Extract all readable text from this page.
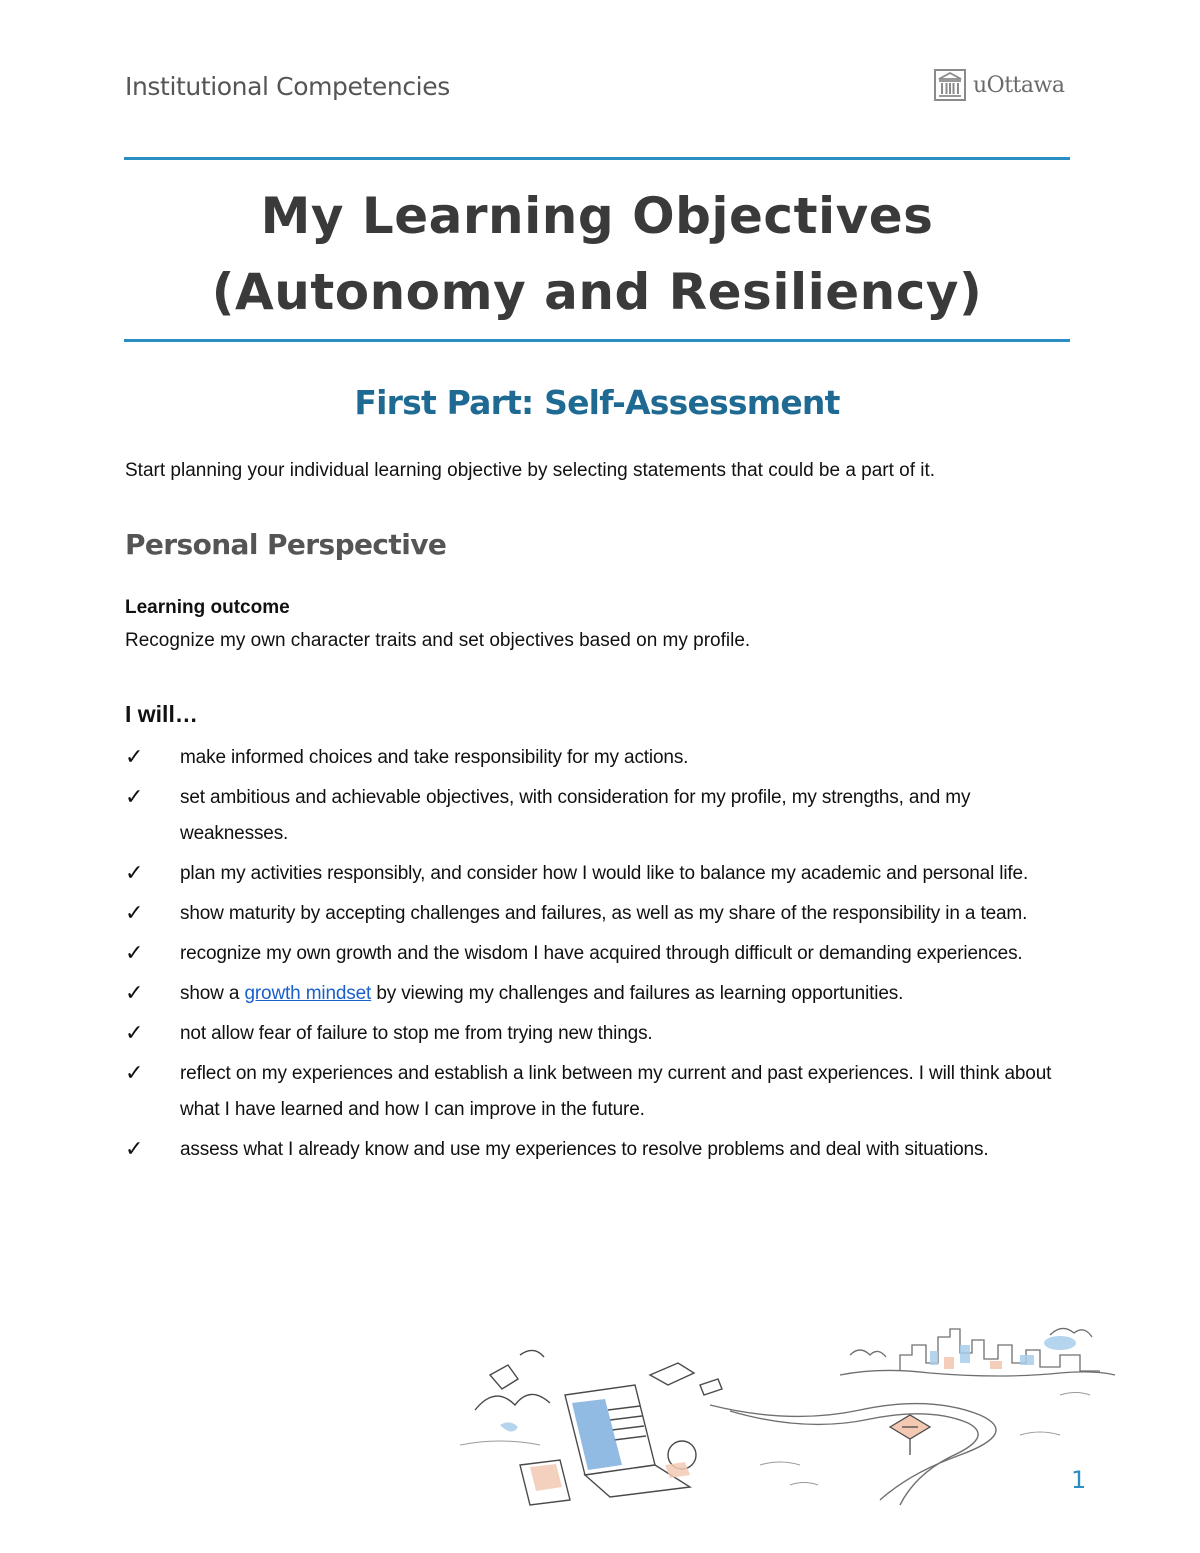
Institutional Competencies	uOttawa
My Learning Objectives
(Autonomy and Resiliency)
First Part: Self-Assessment

Start planning your individual learning objective by selecting statements that could be a part of it.

Personal Perspective

Learning outcome

Recognize my own character traits and set objectives based on my profile.

I will…
✓ make informed choices and take responsibility for my actions.
✓ set ambitious and achievable objectives, with consideration for my profile, my strengths, and my weaknesses.
✓ plan my activities responsibly, and consider how I would like to balance my academic and personal life.
✓ show maturity by accepting challenges and failures, as well as my share of the responsibility in a team.
✓ recognize my own growth and the wisdom I have acquired through difficult or demanding experiences.
✓ show a growth mindset by viewing my challenges and failures as learning opportunities.
✓ not allow fear of failure to stop me from trying new things.
✓ reflect on my experiences and establish a link between my current and past experiences. I will think about what I have learned and how I can improve in the future.
✓ assess what I already know and use my experiences to resolve problems and deal with situations.
1
